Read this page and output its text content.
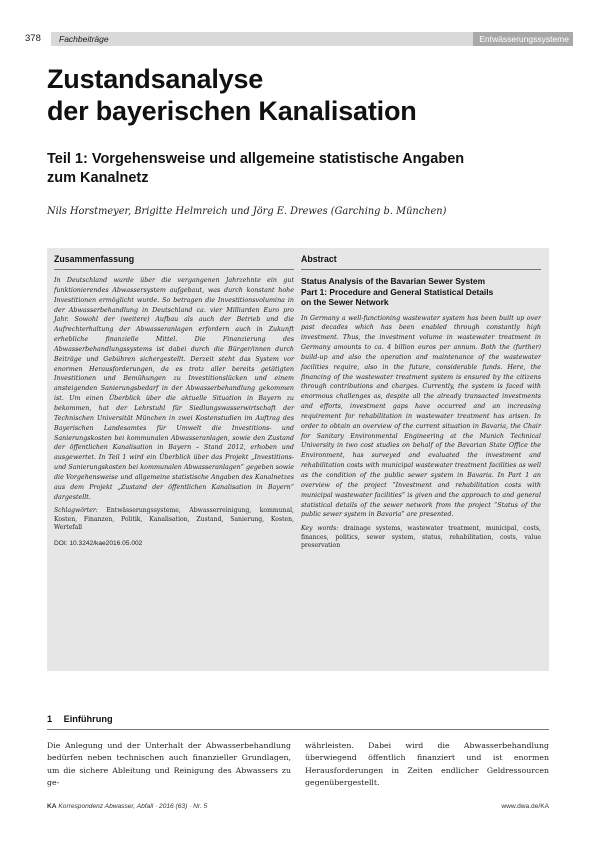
378	Fachbeiträge	Entwässerungssysteme
Zustandsanalyse
der bayerischen Kanalisation
Teil 1: Vorgehensweise und allgemeine statistische Angaben
zum Kanalnetz
Nils Horstmeyer, Brigitte Helmreich und Jörg E. Drewes (Garching b. München)
Zusammenfassung

In Deutschland wurde über die vergangenen Jahrzehnte ein gut funktionierendes Abwassersystem aufgebaut, was durch konstant hohe Investitionen ermöglicht wurde. So betragen die Investitionsvolumina in der Abwasserbehandlung in Deutschland ca. vier Milliarden Euro pro Jahr. Sowohl der (weitere) Aufbau als auch der Betrieb und die Aufrechterhaltung der Abwasseranlagen erfordern auch in Zukunft erhebliche finanzielle Mittel. Die Finanzierung des Abwasserbehandlungssystems ist dabei durch die Bürger/innen durch Beiträge und Gebühren sichergestellt. Derzeit steht das System vor enormen Herausforderungen, da es trotz aller bereits getätigten Investitionen und Bemühungen zu Investitionslücken und einem ansteigenden Sanierungsbedarf in der Abwasserbehandlung gekommen ist. Um einen Überblick über die aktuelle Situation in Bayern zu bekommen, hat der Lehrstuhl für Siedlungswasserwirtschaft der Technischen Universität München in zwei Kostenstudien im Auftrag des Bayerischen Landesamtes für Umwelt die Investitions- und Sanierungskosten bei kommunalen Abwasseranlagen, sowie den Zustand der öffentlichen Kanalisation in Bayern – Stand 2012, erhoben und ausgewertet. In Teil 1 wird ein Überblick über das Projekt „Investitions- und Sanierungskosten bei kommunalen Abwasseranlagen“ gegeben sowie die Vorgehensweise und allgemeine statistische Angaben des Kanalnetzes aus dem Projekt „Zustand der öffentlichen Kanalisation in Bayern“ dargestellt.

Schlagwörter: Entwässerungssysteme, Abwasserreinigung, kommunal, Kosten, Finanzen, Politik, Kanalisation, Zustand, Sanierung, Kosten, Wertefall

DOI: 10.3242/kae2016.05.002

Abstract
Status Analysis of the Bavarian Sewer System
Part 1: Procedure and General Statistical Details
on the Sewer Network

In Germany a well-functioning wastewater system has been built up over past decades which has been enabled through constantly high investment. Thus, the investment volume in wastewater treatment in Germany amounts to ca. 4 billion euros per annum. Both the (further) build-up and also the operation and maintenance of the wastewater facilities require, also in the future, considerable funds. Here, the financing of the wastewater treatment system is ensured by the citizens through contributions and charges. Currently, the system is faced with enormous challenges as, despite all the already transacted investments and efforts, investment gaps have occurred and an increasing requirement for rehabilitation in wastewater treatment has arisen. In order to obtain an overview of the current situation in Bavaria, the Chair for Sanitary Environmental Engineering at the Munich Technical University in two cost studies on behalf of the Bavarian State Office the Environment, has surveyed and evaluated the investment and rehabilitation costs with municipal wastewater treatment facilities as well as the condition of the public sewer system in Bavaria. In Part 1 an overview of the project “Investment and rehabilitation costs with municipal wastewater facilities” is given and the approach to and general statistical details of the sewer network from the project “Status of the public sewer system in Bavaria” are presented.

Key words: drainage systems, wastewater treatment, municipal, costs, finances, politics, sewer system, status, rehabilitation, costs, value preservation

1 Einführung

Die Anlegung und der Unterhalt der Abwasserbehandlung bedürfen neben technischen auch finanzieller Grundlagen, um die sichere Ableitung und Reinigung des Abwassers zu ge-

währleisten. Dabei wird die Abwasserbehandlung überwiegend öffentlich finanziert und ist enormen Herausforderungen in Zeiten endlicher Geldressourcen gegenübergestellt.

KA Korrespondenz Abwasser, Abfall · 2016 (63) · Nr. 5	www.dwa.de/KA
